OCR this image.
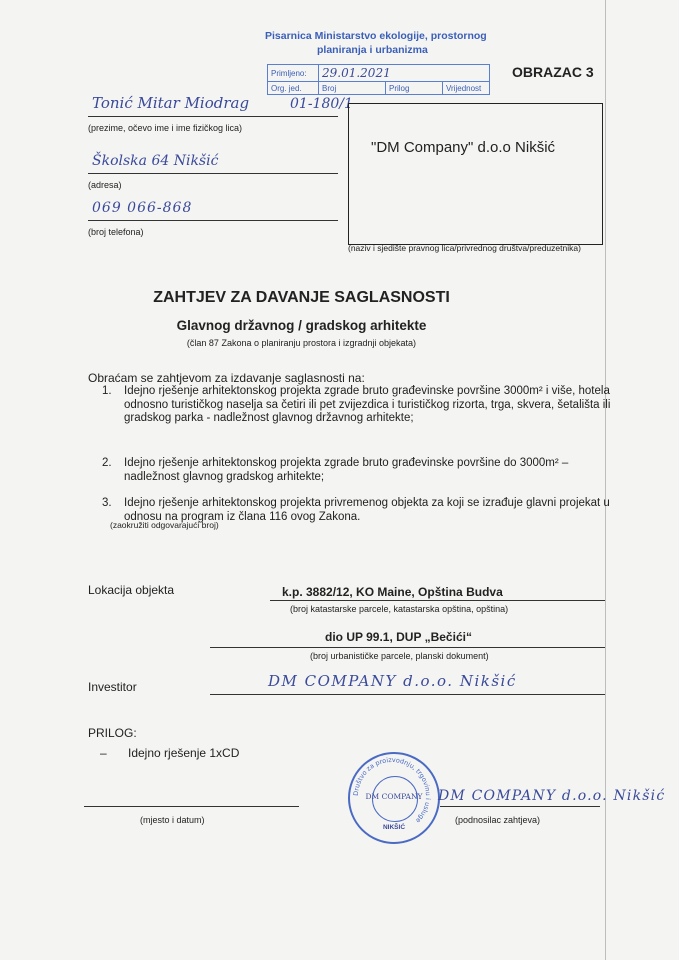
Pisarnica Ministarstvo ekologije, prostornog
planiranja i urbanizma
Primljeno:	29.01.2021		
Org. jed.	Broj	Prilog	Vrijednost
OBRAZAC 3
Tonić Mitar Miodrag	01-180/1
(prezime, očevo ime i ime fizičkog lica)
Školska 64 Nikšić
(adresa)
069 066-868
(broj telefona)
"DM Company" d.o.o Nikšić
(naziv i sjedište pravnog lica/privrednog društva/preduzetnika)
ZAHTJEV ZA DAVANJE SAGLASNOSTI
Glavnog državnog / gradskog arhitekte
(član 87 Zakona o planiranju prostora i izgradnji objekata)
Obraćam se zahtjevom za izdavanje saglasnosti na:
1. Idejno rješenje arhitektonskog projekta zgrade bruto građevinske površine 3000m² i više, hotela odnosno turističkog naselja sa četiri ili pet zvijezdica i turističkog rizorta, trga, skvera, šetališta ili gradskog parka - nadležnost glavnog državnog arhitekte;
2. Idejno rješenje arhitektonskog projekta zgrade bruto građevinske površine do 3000m² – nadležnost glavnog gradskog arhitekte;
3. Idejno rješenje arhitektonskog projekta privremenog objekta za koji se izrađuje glavni projekat u odnosu na program iz člana 116 ovog Zakona.
(zaokružiti odgovarajući broj)
Lokacija objekta	k.p. 3882/12, KO Maine, Opština Budva
(broj katastarske parcele, katastarska opština, opština)
dio UP 99.1, DUP „Bečići“
(broj urbanističke parcele, planski dokument)
Investitor	DM COMPANY d.o.o. Nikšić
PRILOG:
– Idejno rješenje 1xCD
(mjesto i datum)
Društvo za proizvodnju, trgovinu i usluge
DM COMPANY
NIKŠIĆ
DM COMPANY d.o.o. Nikšić
(podnosilac zahtjeva)
